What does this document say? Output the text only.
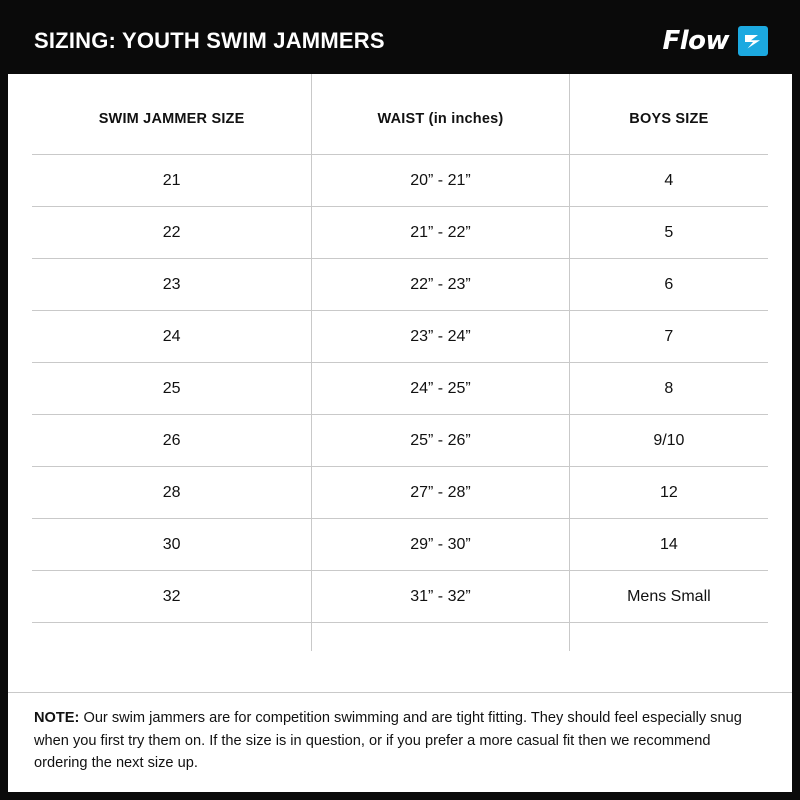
SIZING: YOUTH SWIM JAMMERS	Flow
SWIM JAMMER SIZE	WAIST (in inches)	BOYS SIZE
21	20” - 21”	4
22	21” - 22”	5
23	22” - 23”	6
24	23” - 24”	7
25	24” - 25”	8
26	25” - 26”	9/10
28	27” - 28”	12
30	29” - 30”	14
32	31” - 32”	Mens Small

NOTE: Our swim jammers are for competition swimming and are tight fitting. They should feel especially snug when you first try them on. If the size is in question, or if you prefer a more casual fit then we recommend ordering the next size up.
